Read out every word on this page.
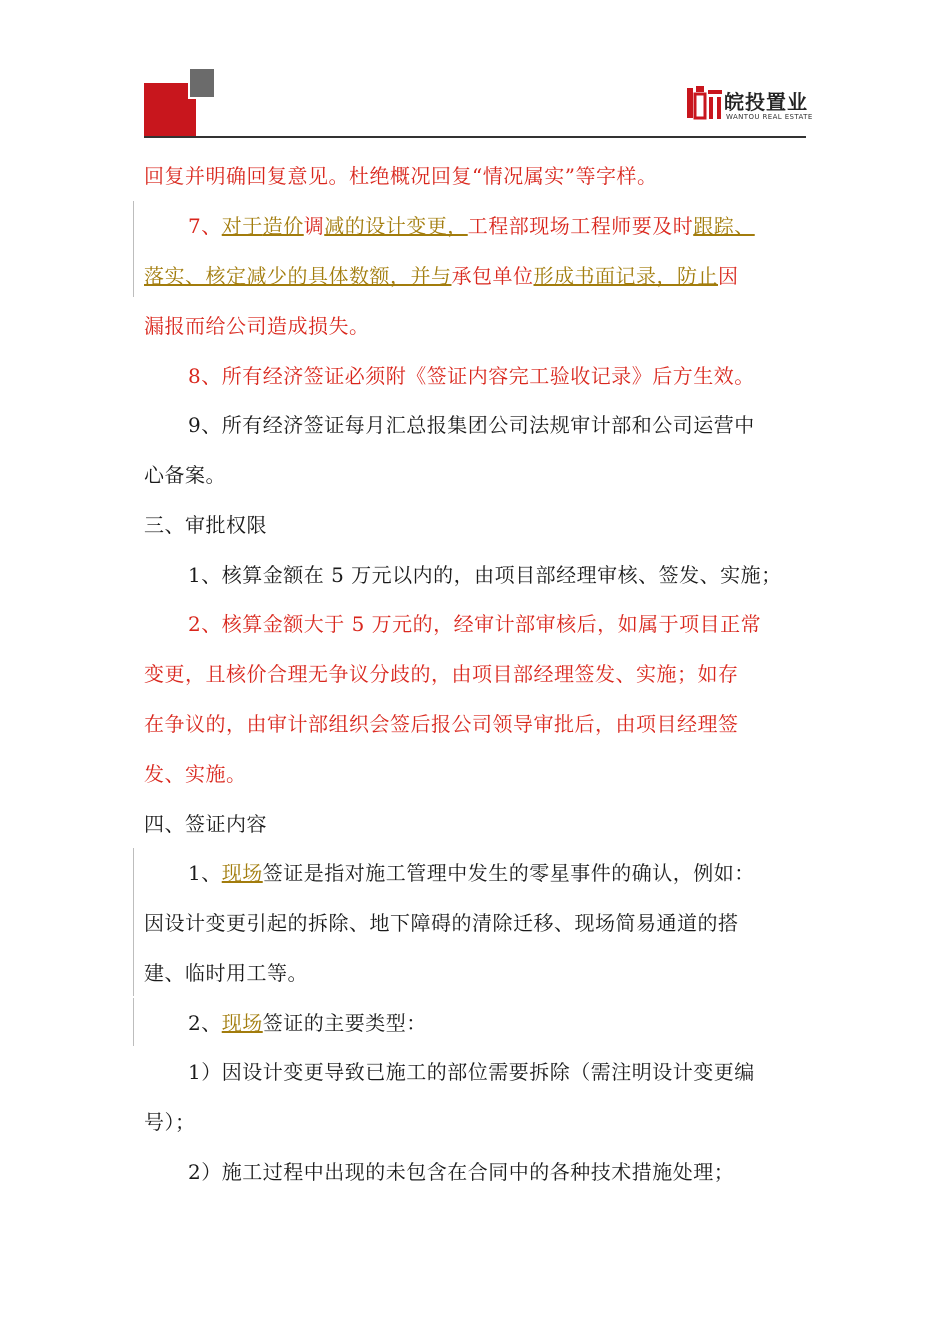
皖投置业
WANTOU REAL ESTATE
回复并明确回复意见。杜绝概况回复“情况属实”等字样。
7、对于造价调减的设计变更，工程部现场工程师要及时跟踪、
落实、核定减少的具体数额，并与承包单位形成书面记录，防止因
漏报而给公司造成损失。
8、所有经济签证必须附《签证内容完工验收记录》后方生效。
9、所有经济签证每月汇总报集团公司法规审计部和公司运营中
心备案。
三、审批权限
1、核算金额在 5 万元以内的，由项目部经理审核、签发、实施；
2、核算金额大于 5 万元的，经审计部审核后，如属于项目正常
变更，且核价合理无争议分歧的，由项目部经理签发、实施；如存
在争议的，由审计部组织会签后报公司领导审批后，由项目经理签
发、实施。
四、签证内容
1、现场签证是指对施工管理中发生的零星事件的确认，例如：
因设计变更引起的拆除、地下障碍的清除迁移、现场简易通道的搭
建、临时用工等。
2、现场签证的主要类型：
1）因设计变更导致已施工的部位需要拆除（需注明设计变更编
号）；
2）施工过程中出现的未包含在合同中的各种技术措施处理；
